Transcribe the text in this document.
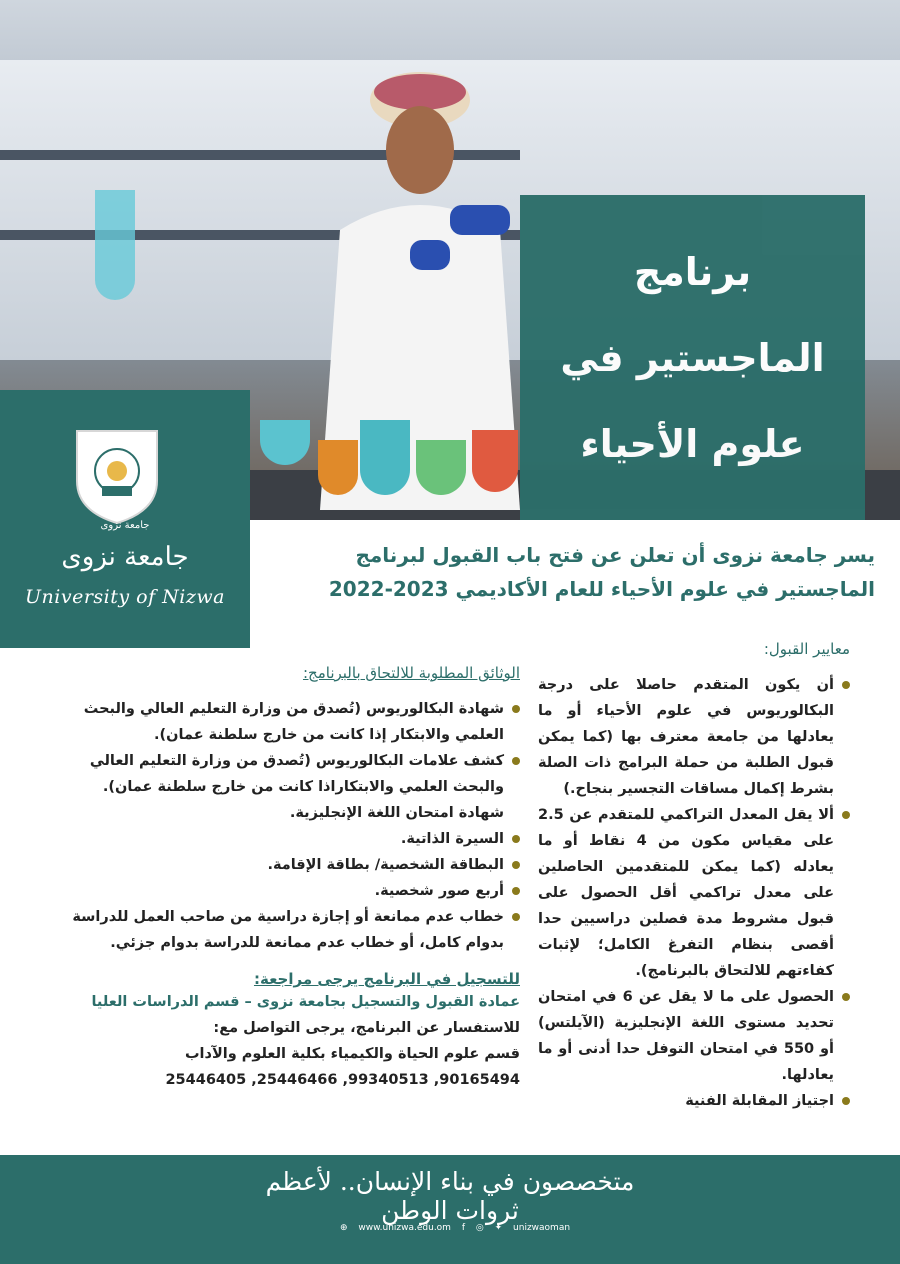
برنامج
الماجستير في
علوم الأحياء
جامعة نزوى
جامعة نزوى
University of Nizwa
يسر جامعة نزوى أن تعلن عن فتح باب القبول لبرنامج الماجستير في علوم الأحياء للعام الأكاديمي 2023-2022
معايير القبول:
أن يكون المتقدم حاصلا على درجة البكالوريوس في علوم الأحياء أو ما يعادلها من جامعة معترف بها (كما يمكن قبول الطلبة من حملة البرامج ذات الصلة بشرط إكمال مساقات التجسير بنجاح.)
ألا يقل المعدل التراكمي للمتقدم عن 2.5 على مقياس مكون من 4 نقاط أو ما يعادله (كما يمكن للمتقدمين الحاصلين على معدل تراكمي أقل الحصول على قبول مشروط مدة فصلين دراسيين حدا أقصى بنظام التفرغ الكامل؛ لإثبات كفاءتهم للالتحاق بالبرنامج).
الحصول على ما لا يقل عن 6 في امتحان تحديد مستوى اللغة الإنجليزية (الآيلتس) أو 550 في امتحان التوفل حدا أدنى أو ما يعادلها.
اجتياز المقابلة الفنية
الوثائق المطلوبة للالتحاق بالبرنامج:
شهادة البكالوريوس (تُصدق من وزارة التعليم العالي والبحث العلمي والابتكار إذا كانت من خارج سلطنة عمان).
كشف علامات البكالوريوس (تُصدق من وزارة التعليم العالي والبحث العلمي والابتكاراذا كانت من خارج سلطنة عمان).
شهادة امتحان اللغة الإنجليزية.
السيرة الذاتية.
البطاقة الشخصية/ بطاقة الإقامة.
أربع صور شخصية.
خطاب عدم ممانعة أو إجازة دراسية من صاحب العمل للدراسة بدوام كامل، أو خطاب عدم ممانعة للدراسة بدوام جزئي.
للتسجيل في البرنامج يرجى مراجعة:
عمادة القبول والتسجيل بجامعة نزوى – قسم الدراسات العليا
للاستفسار عن البرنامج، يرجى التواصل مع:
قسم علوم الحياة والكيمياء بكلية العلوم والآداب
25446405 ,25446466 ,99340513 ,90165494
متخصصون في بناء الإنسان.. لأعظم ثروات الوطن
⊕ www.unizwa.edu.om f ◎ ✦ unizwaoman
